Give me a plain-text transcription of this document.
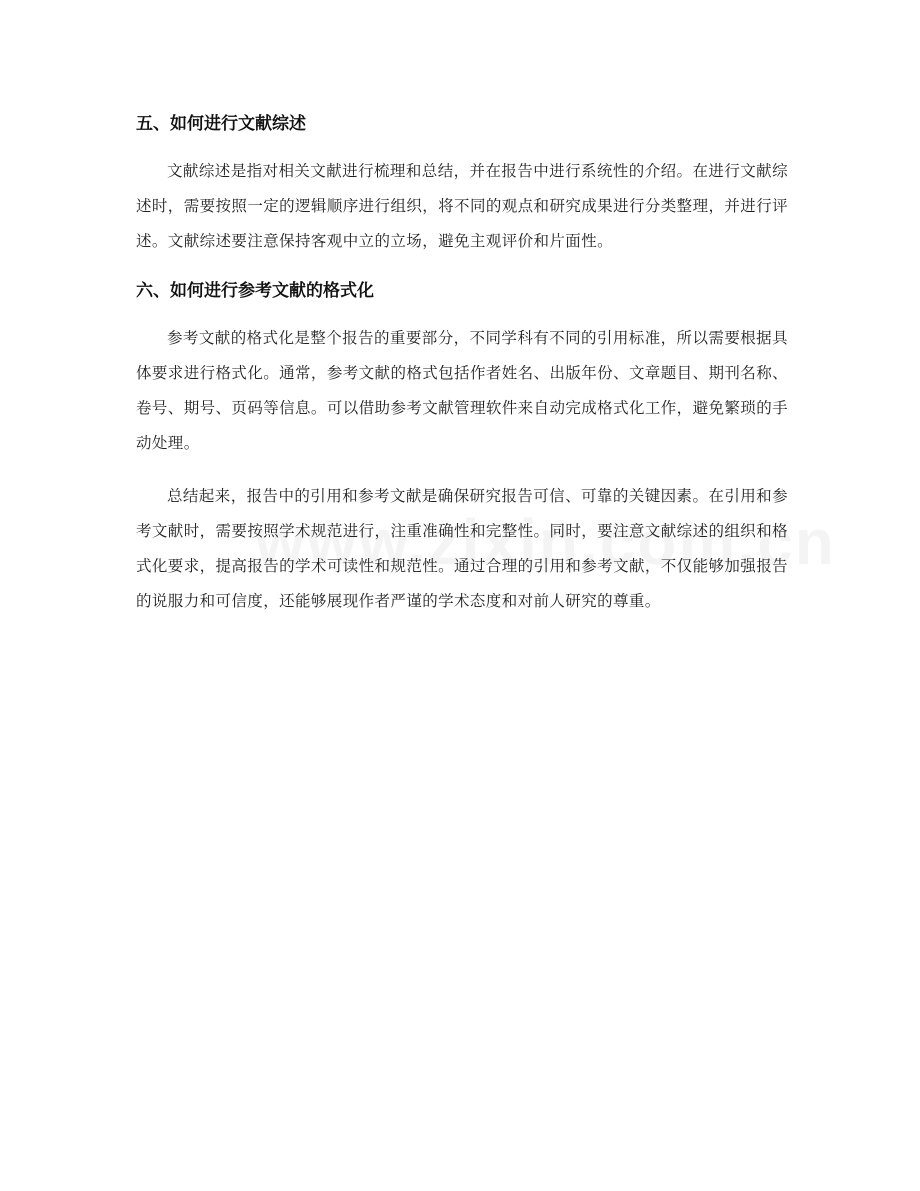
五、如何进行文献综述

文献综述是指对相关文献进行梳理和总结，并在报告中进行系统性的介绍。在进行文献综述时，需要按照一定的逻辑顺序进行组织，将不同的观点和研究成果进行分类整理，并进行评述。文献综述要注意保持客观中立的立场，避免主观评价和片面性。

六、如何进行参考文献的格式化

参考文献的格式化是整个报告的重要部分，不同学科有不同的引用标准，所以需要根据具体要求进行格式化。通常，参考文献的格式包括作者姓名、出版年份、文章题目、期刊名称、卷号、期号、页码等信息。可以借助参考文献管理软件来自动完成格式化工作，避免繁琐的手动处理。

总结起来，报告中的引用和参考文献是确保研究报告可信、可靠的关键因素。在引用和参考文献时，需要按照学术规范进行，注重准确性和完整性。同时，要注意文献综述的组织和格式化要求，提高报告的学术可读性和规范性。通过合理的引用和参考文献，不仅能够加强报告的说服力和可信度，还能够展现作者严谨的学术态度和对前人研究的尊重。
